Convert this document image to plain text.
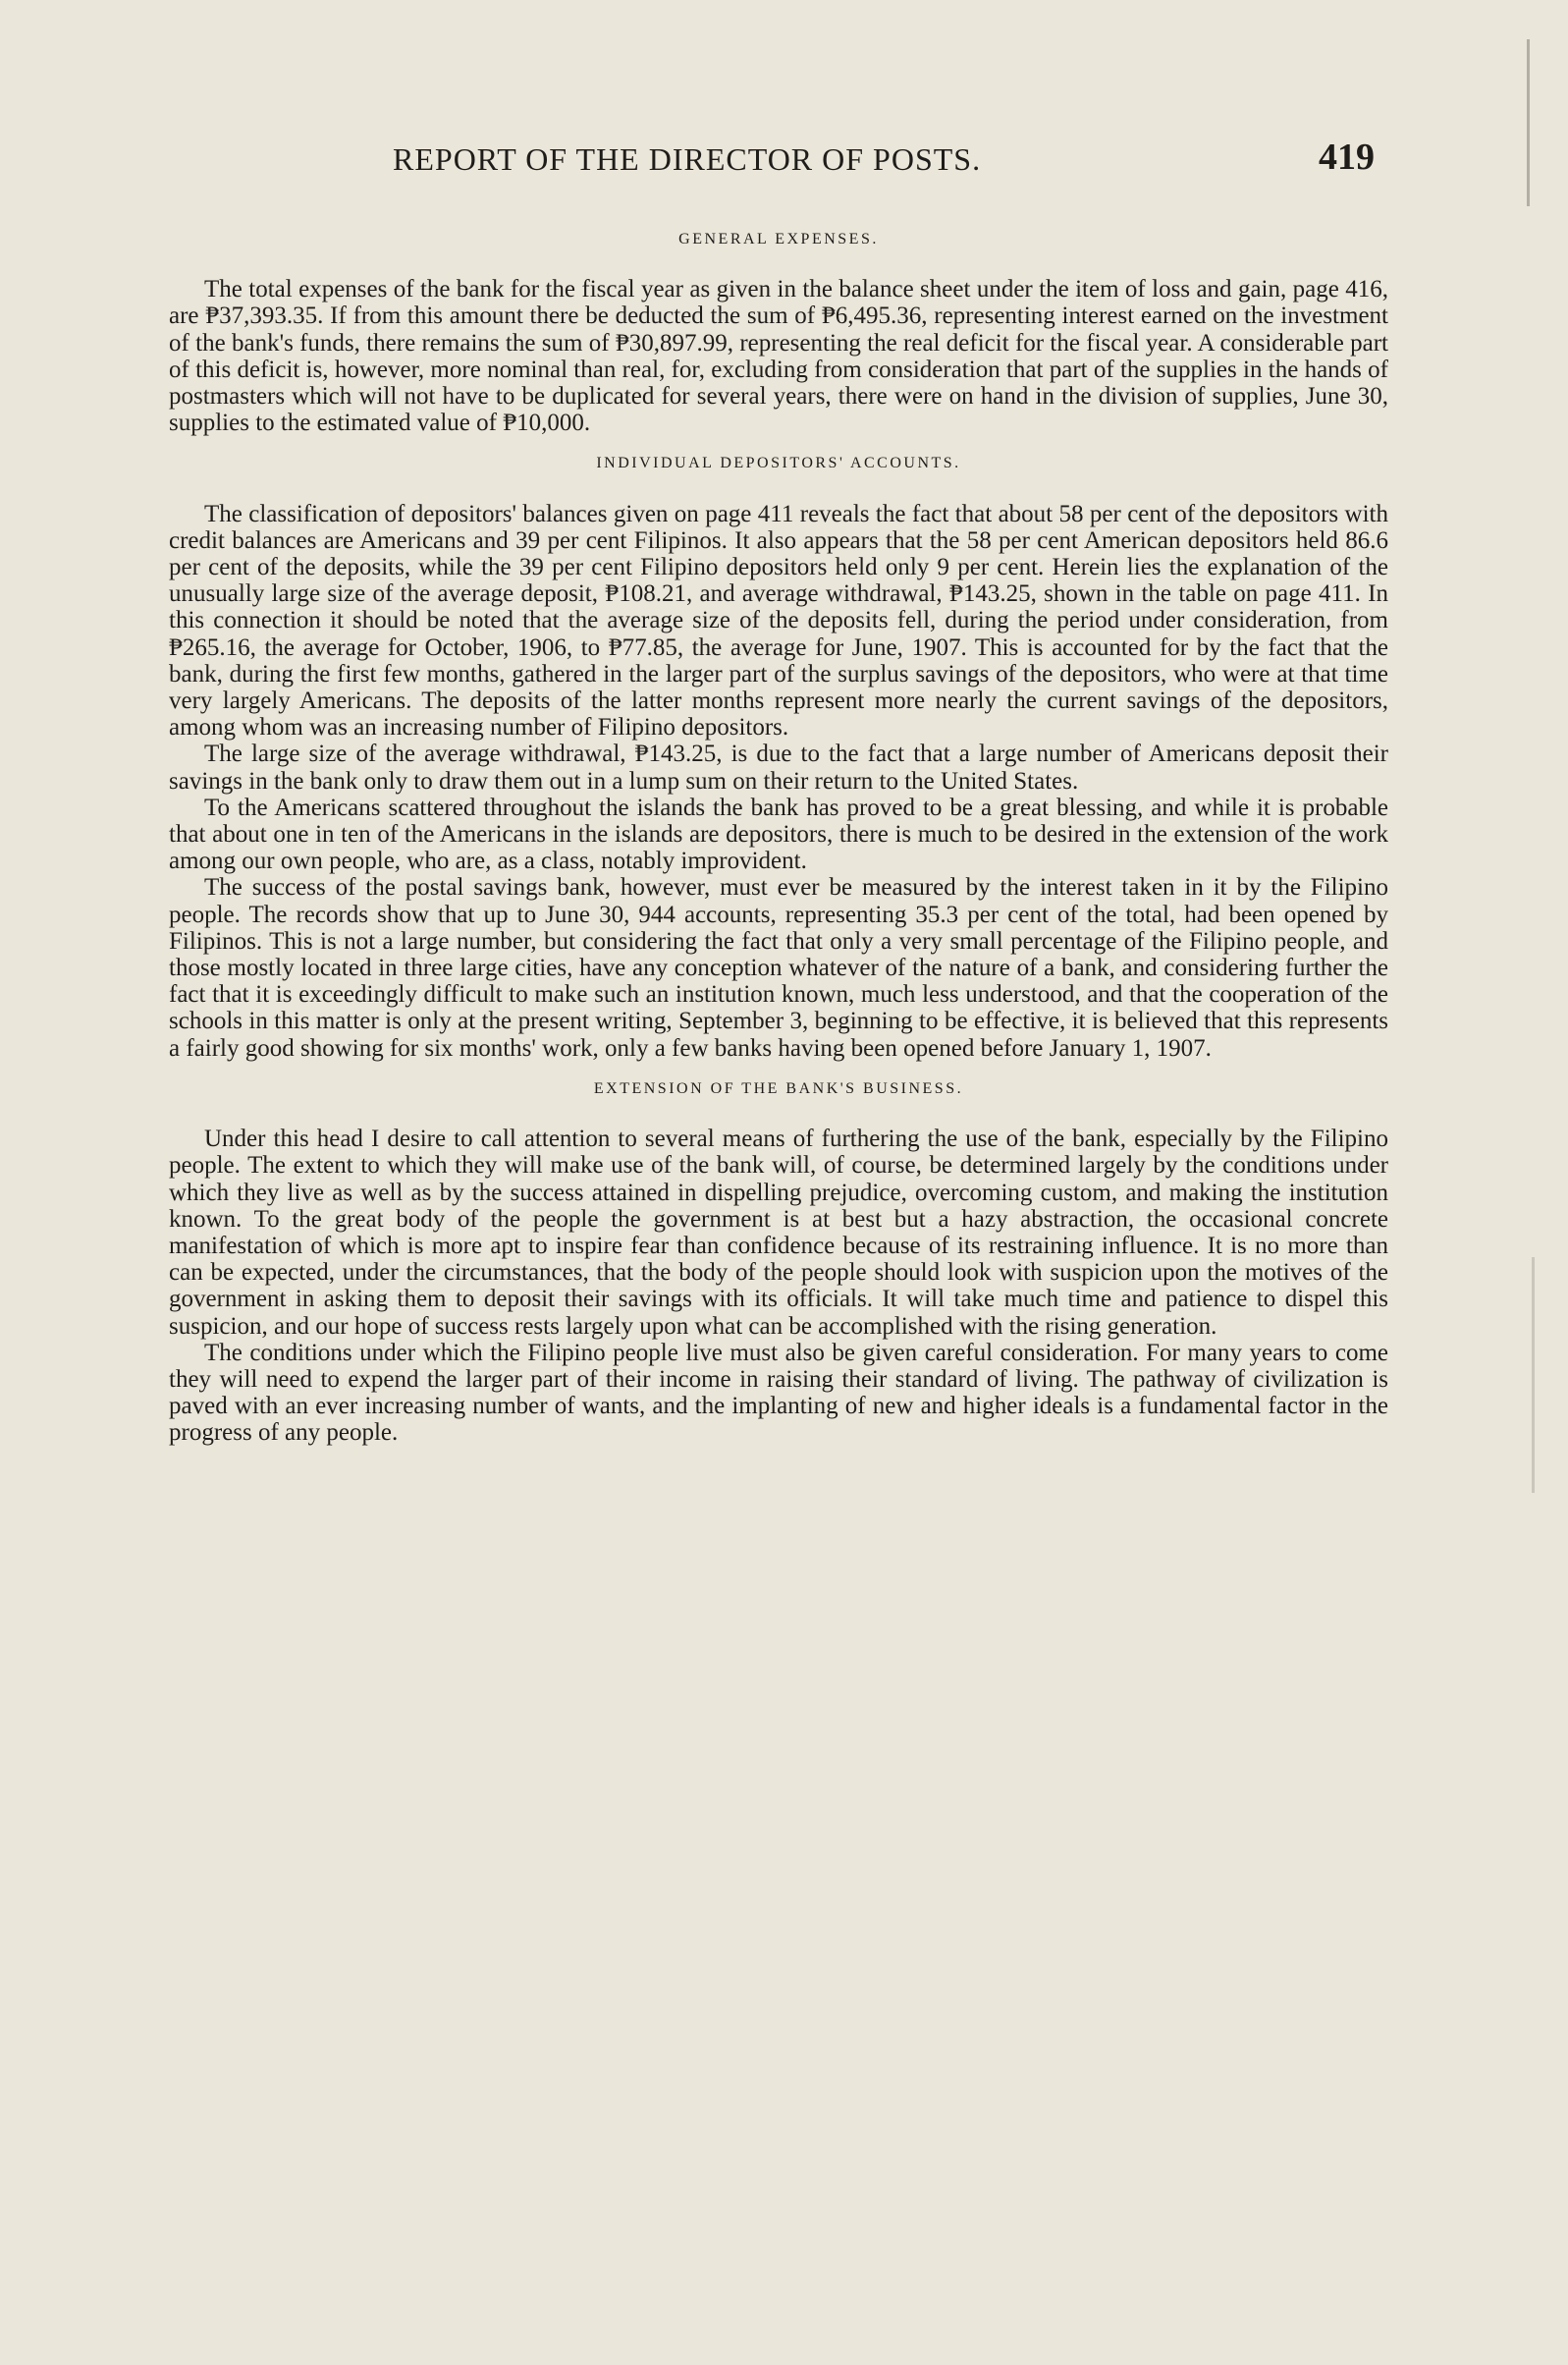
REPORT OF THE DIRECTOR OF POSTS.	419
GENERAL EXPENSES.

The total expenses of the bank for the fiscal year as given in the balance sheet under the item of loss and gain, page 416, are ₱37,393.35. If from this amount there be deducted the sum of ₱6,495.36, representing interest earned on the investment of the bank's funds, there remains the sum of ₱30,897.99, representing the real deficit for the fiscal year. A considerable part of this deficit is, however, more nominal than real, for, excluding from consideration that part of the supplies in the hands of postmasters which will not have to be duplicated for several years, there were on hand in the division of supplies, June 30, supplies to the estimated value of ₱10,000.

INDIVIDUAL DEPOSITORS' ACCOUNTS.

The classification of depositors' balances given on page 411 reveals the fact that about 58 per cent of the depositors with credit balances are Americans and 39 per cent Filipinos. It also appears that the 58 per cent American depositors held 86.6 per cent of the deposits, while the 39 per cent Filipino depositors held only 9 per cent. Herein lies the explanation of the unusually large size of the average deposit, ₱108.21, and average withdrawal, ₱143.25, shown in the table on page 411. In this connection it should be noted that the average size of the deposits fell, during the period under consideration, from ₱265.16, the average for October, 1906, to ₱77.85, the average for June, 1907. This is accounted for by the fact that the bank, during the first few months, gathered in the larger part of the surplus savings of the depositors, who were at that time very largely Americans. The deposits of the latter months represent more nearly the current savings of the depositors, among whom was an increasing number of Filipino depositors.

The large size of the average withdrawal, ₱143.25, is due to the fact that a large number of Americans deposit their savings in the bank only to draw them out in a lump sum on their return to the United States.

To the Americans scattered throughout the islands the bank has proved to be a great blessing, and while it is probable that about one in ten of the Americans in the islands are depositors, there is much to be desired in the extension of the work among our own people, who are, as a class, notably improvident.

The success of the postal savings bank, however, must ever be measured by the interest taken in it by the Filipino people. The records show that up to June 30, 944 accounts, representing 35.3 per cent of the total, had been opened by Filipinos. This is not a large number, but considering the fact that only a very small percentage of the Filipino people, and those mostly located in three large cities, have any conception whatever of the nature of a bank, and considering further the fact that it is exceedingly difficult to make such an institution known, much less understood, and that the cooperation of the schools in this matter is only at the present writing, September 3, beginning to be effective, it is believed that this represents a fairly good showing for six months' work, only a few banks having been opened before January 1, 1907.

EXTENSION OF THE BANK'S BUSINESS.

Under this head I desire to call attention to several means of furthering the use of the bank, especially by the Filipino people. The extent to which they will make use of the bank will, of course, be determined largely by the conditions under which they live as well as by the success attained in dispelling prejudice, overcoming custom, and making the institution known. To the great body of the people the government is at best but a hazy abstraction, the occasional concrete manifestation of which is more apt to inspire fear than confidence because of its restraining influence. It is no more than can be expected, under the circumstances, that the body of the people should look with suspicion upon the motives of the government in asking them to deposit their savings with its officials. It will take much time and patience to dispel this suspicion, and our hope of success rests largely upon what can be accomplished with the rising generation.

The conditions under which the Filipino people live must also be given careful consideration. For many years to come they will need to expend the larger part of their income in raising their standard of living. The pathway of civilization is paved with an ever increasing number of wants, and the implanting of new and higher ideals is a fundamental factor in the progress of any people.
